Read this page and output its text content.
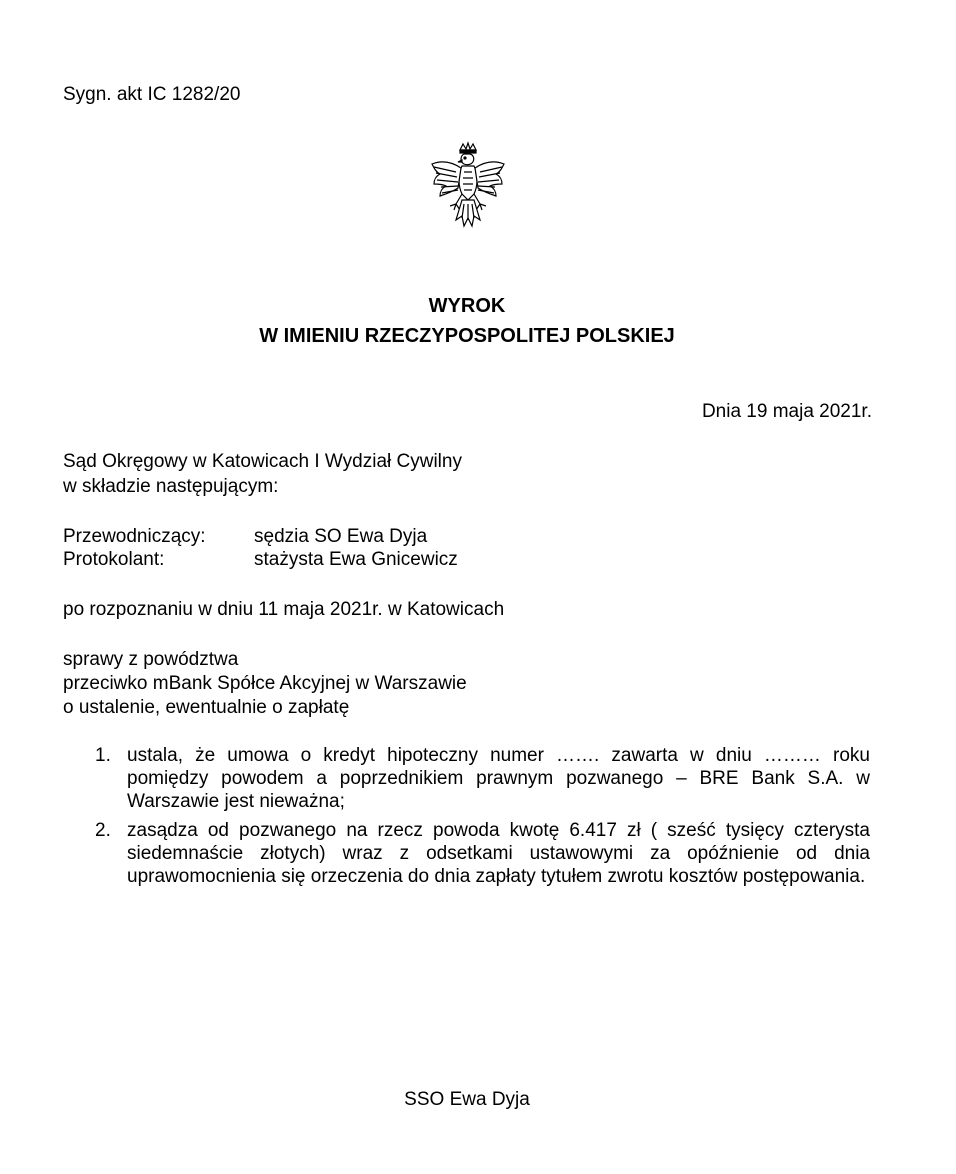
Sygn. akt IC 1282/20
WYROK
W IMIENIU RZECZYPOSPOLITEJ POLSKIEJ
Dnia 19 maja 2021r.
Sąd Okręgowy w Katowicach I Wydział Cywilny
w składzie następującym:
Przewodniczący:	sędzia SO Ewa Dyja
Protokolant:	stażysta Ewa Gnicewicz
po rozpoznaniu w dniu 11 maja 2021r. w Katowicach
sprawy z powództwa
przeciwko mBank Spółce Akcyjnej w Warszawie
o ustalenie, ewentualnie o zapłatę
1. ustala, że umowa o kredyt hipoteczny numer ……. zawarta w dniu ……… roku pomiędzy powodem a poprzednikiem prawnym pozwanego – BRE Bank S.A. w Warszawie jest nieważna;
2. zasądza od pozwanego na rzecz powoda kwotę 6.417 zł ( sześć tysięcy czterysta siedemnaście złotych) wraz z odsetkami ustawowymi za opóźnienie od dnia uprawomocnienia się orzeczenia do dnia zapłaty tytułem zwrotu kosztów postępowania.
SSO Ewa Dyja
